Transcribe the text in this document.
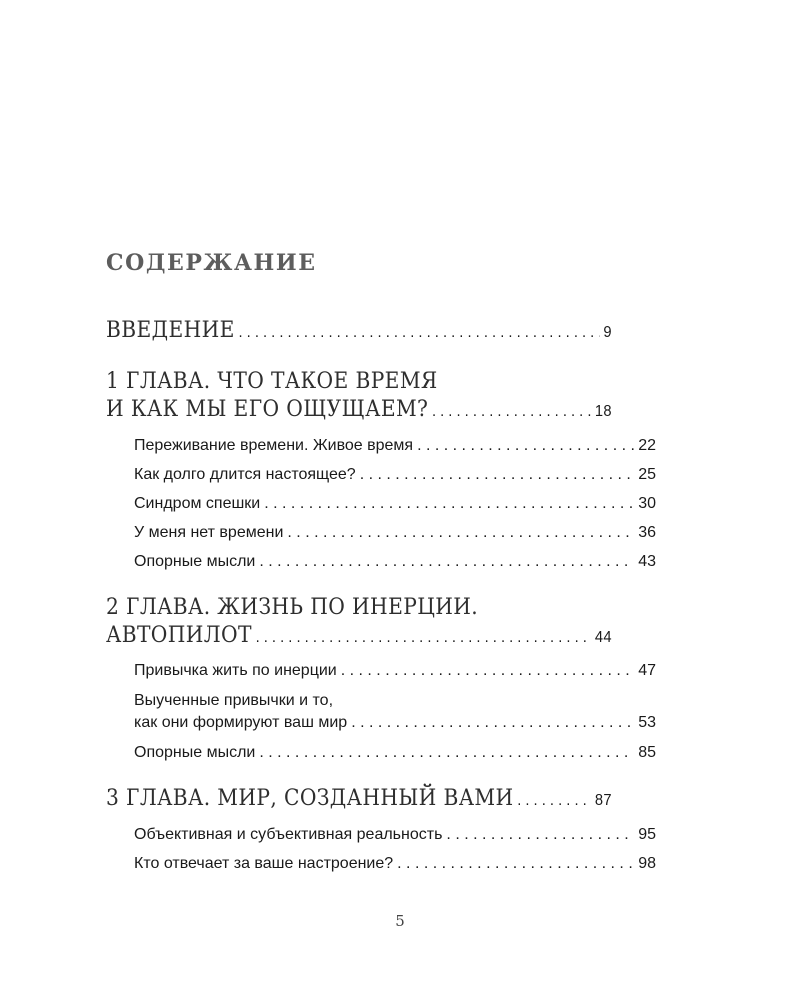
СОДЕРЖАНИЕ
ВВЕДЕНИЕ . . .	9
1 ГЛАВА. ЧТО ТАКОЕ ВРЕМЯ
И КАК МЫ ЕГО ОЩУЩАЕМ? . . .	18
Переживание времени. Живое время . . .	22
Как долго длится настоящее? . . .	25
Синдром спешки . . .	30
У меня нет времени . . .	36
Опорные мысли . . .	43
2 ГЛАВА. ЖИЗНЬ ПО ИНЕРЦИИ.
АВТОПИЛОТ . . .	44
Привычка жить по инерции . . .	47
Выученные привычки и то,
как они формируют ваш мир . . .	53
Опорные мысли . . .	85
3 ГЛАВА. МИР, СОЗДАННЫЙ ВАМИ . . .	87
Объективная и субъективная реальность . . .	95
Кто отвечает за ваше настроение? . . .	98
5
